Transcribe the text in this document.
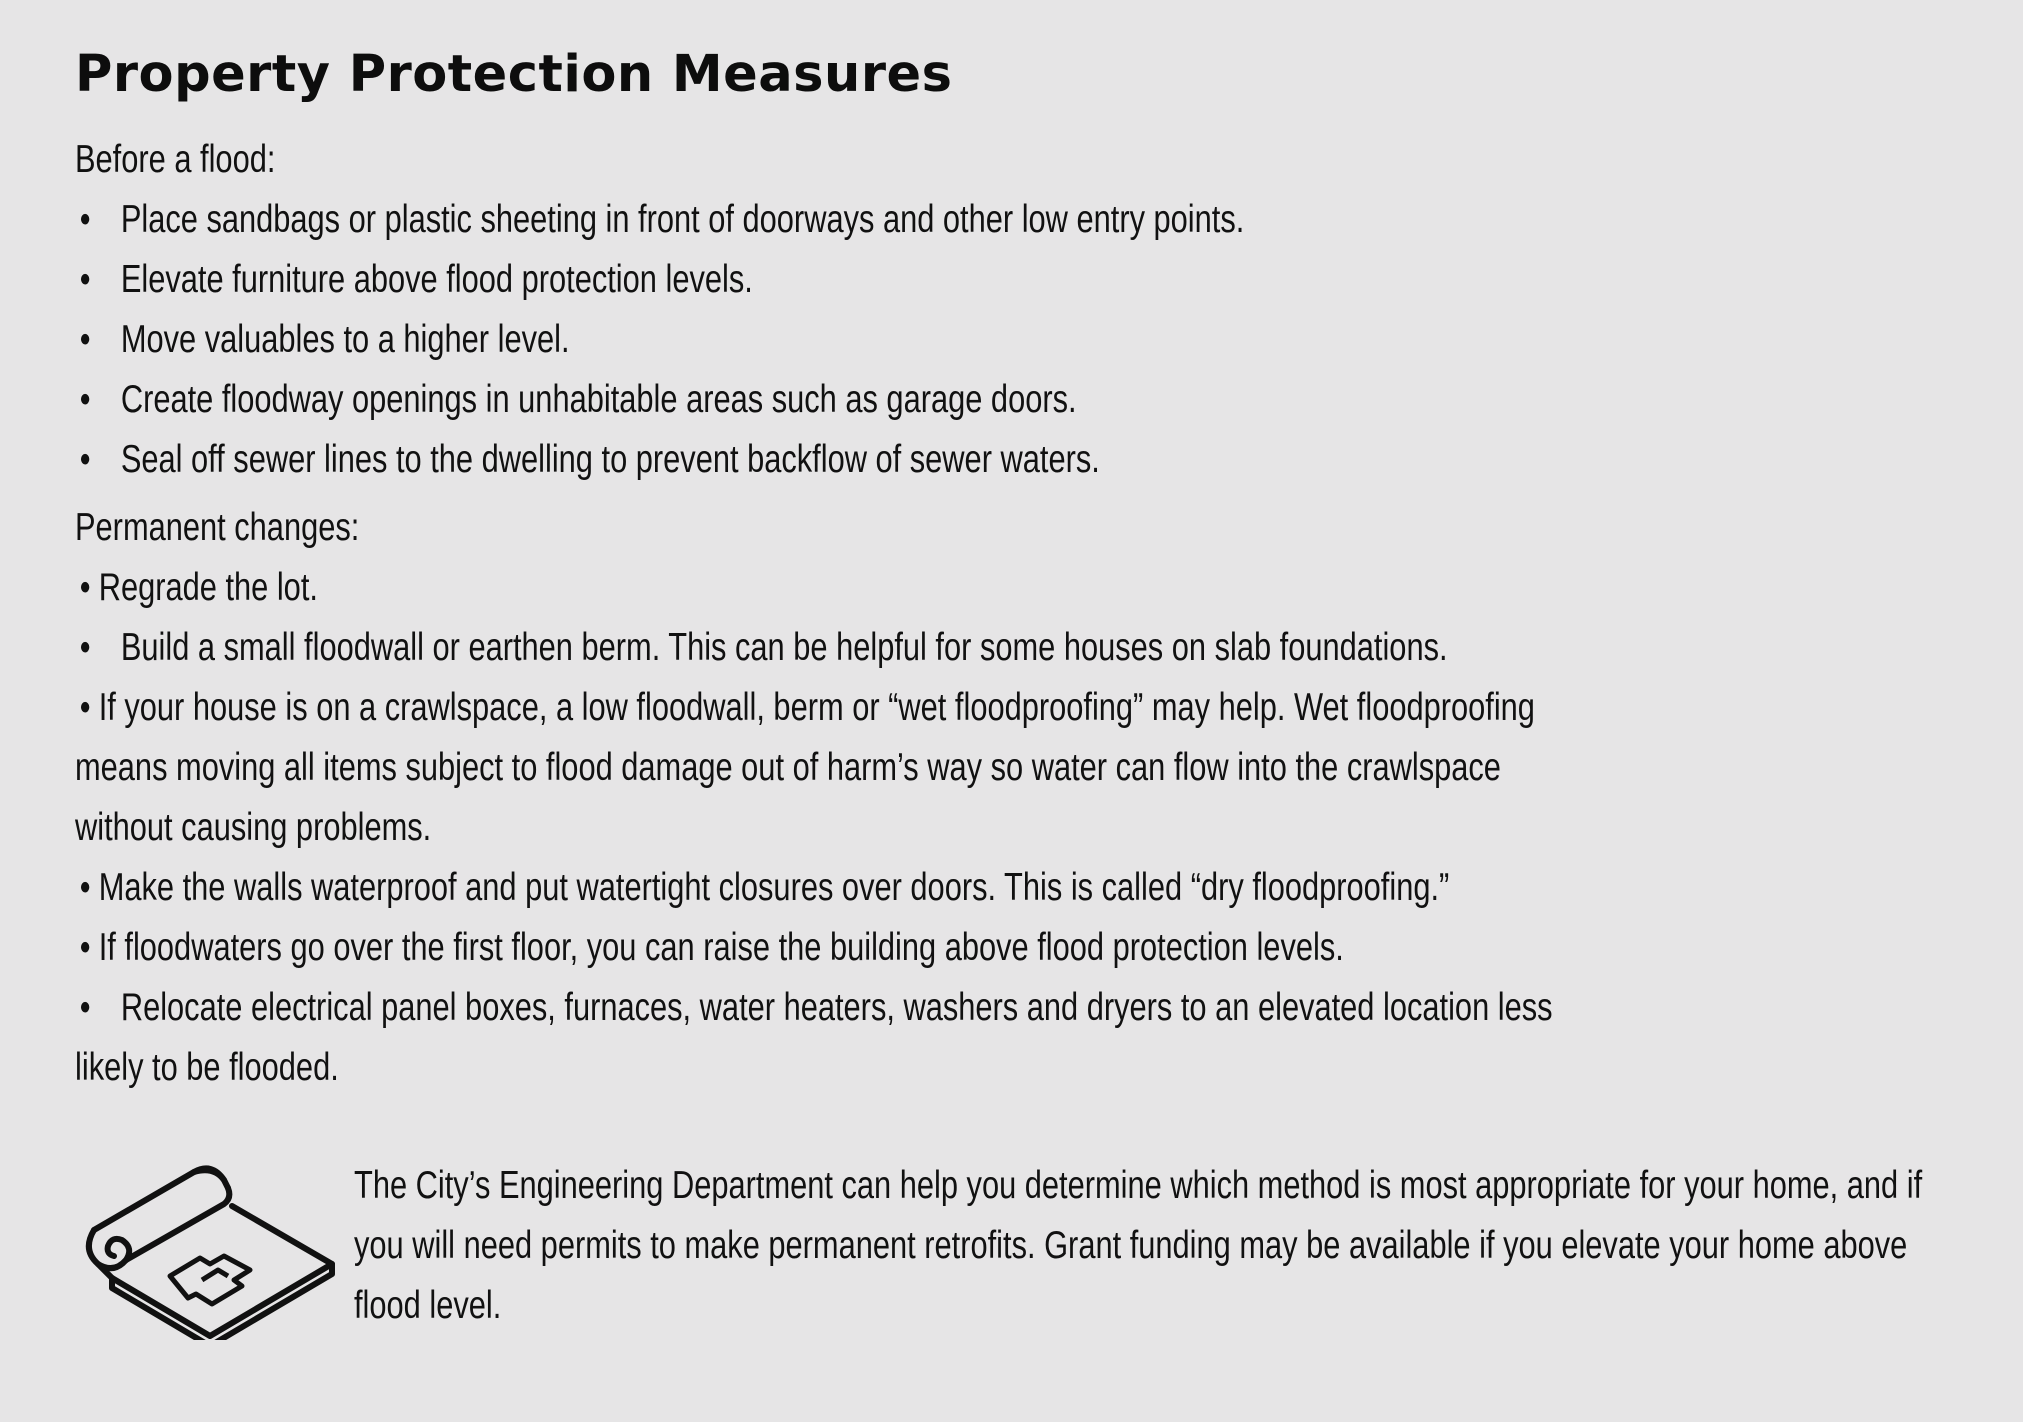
Property Protection Measures

Before a flood:

• Place sandbags or plastic sheeting in front of doorways and other low entry points.
• Elevate furniture above flood protection levels.
• Move valuables to a higher level.
• Create floodway openings in unhabitable areas such as garage doors.
• Seal off sewer lines to the dwelling to prevent backflow of sewer waters.

Permanent changes:

• Regrade the lot.
• Build a small floodwall or earthen berm. This can be helpful for some houses on slab foundations.
• If your house is on a crawlspace, a low floodwall, berm or “wet floodproofing” may help. Wet floodproofing means moving all items subject to flood damage out of harm’s way so water can flow into the crawlspace without causing problems.
• Make the walls waterproof and put watertight closures over doors. This is called “dry floodproofing.”
• If floodwaters go over the first floor, you can raise the building above flood protection levels.
• Relocate electrical panel boxes, furnaces, water heaters, washers and dryers to an elevated location less likely to be flooded.

The City’s Engineering Department can help you determine which method is most appropriate for your home, and if you will need permits to make permanent retrofits. Grant funding may be available if you elevate your home above flood level.
